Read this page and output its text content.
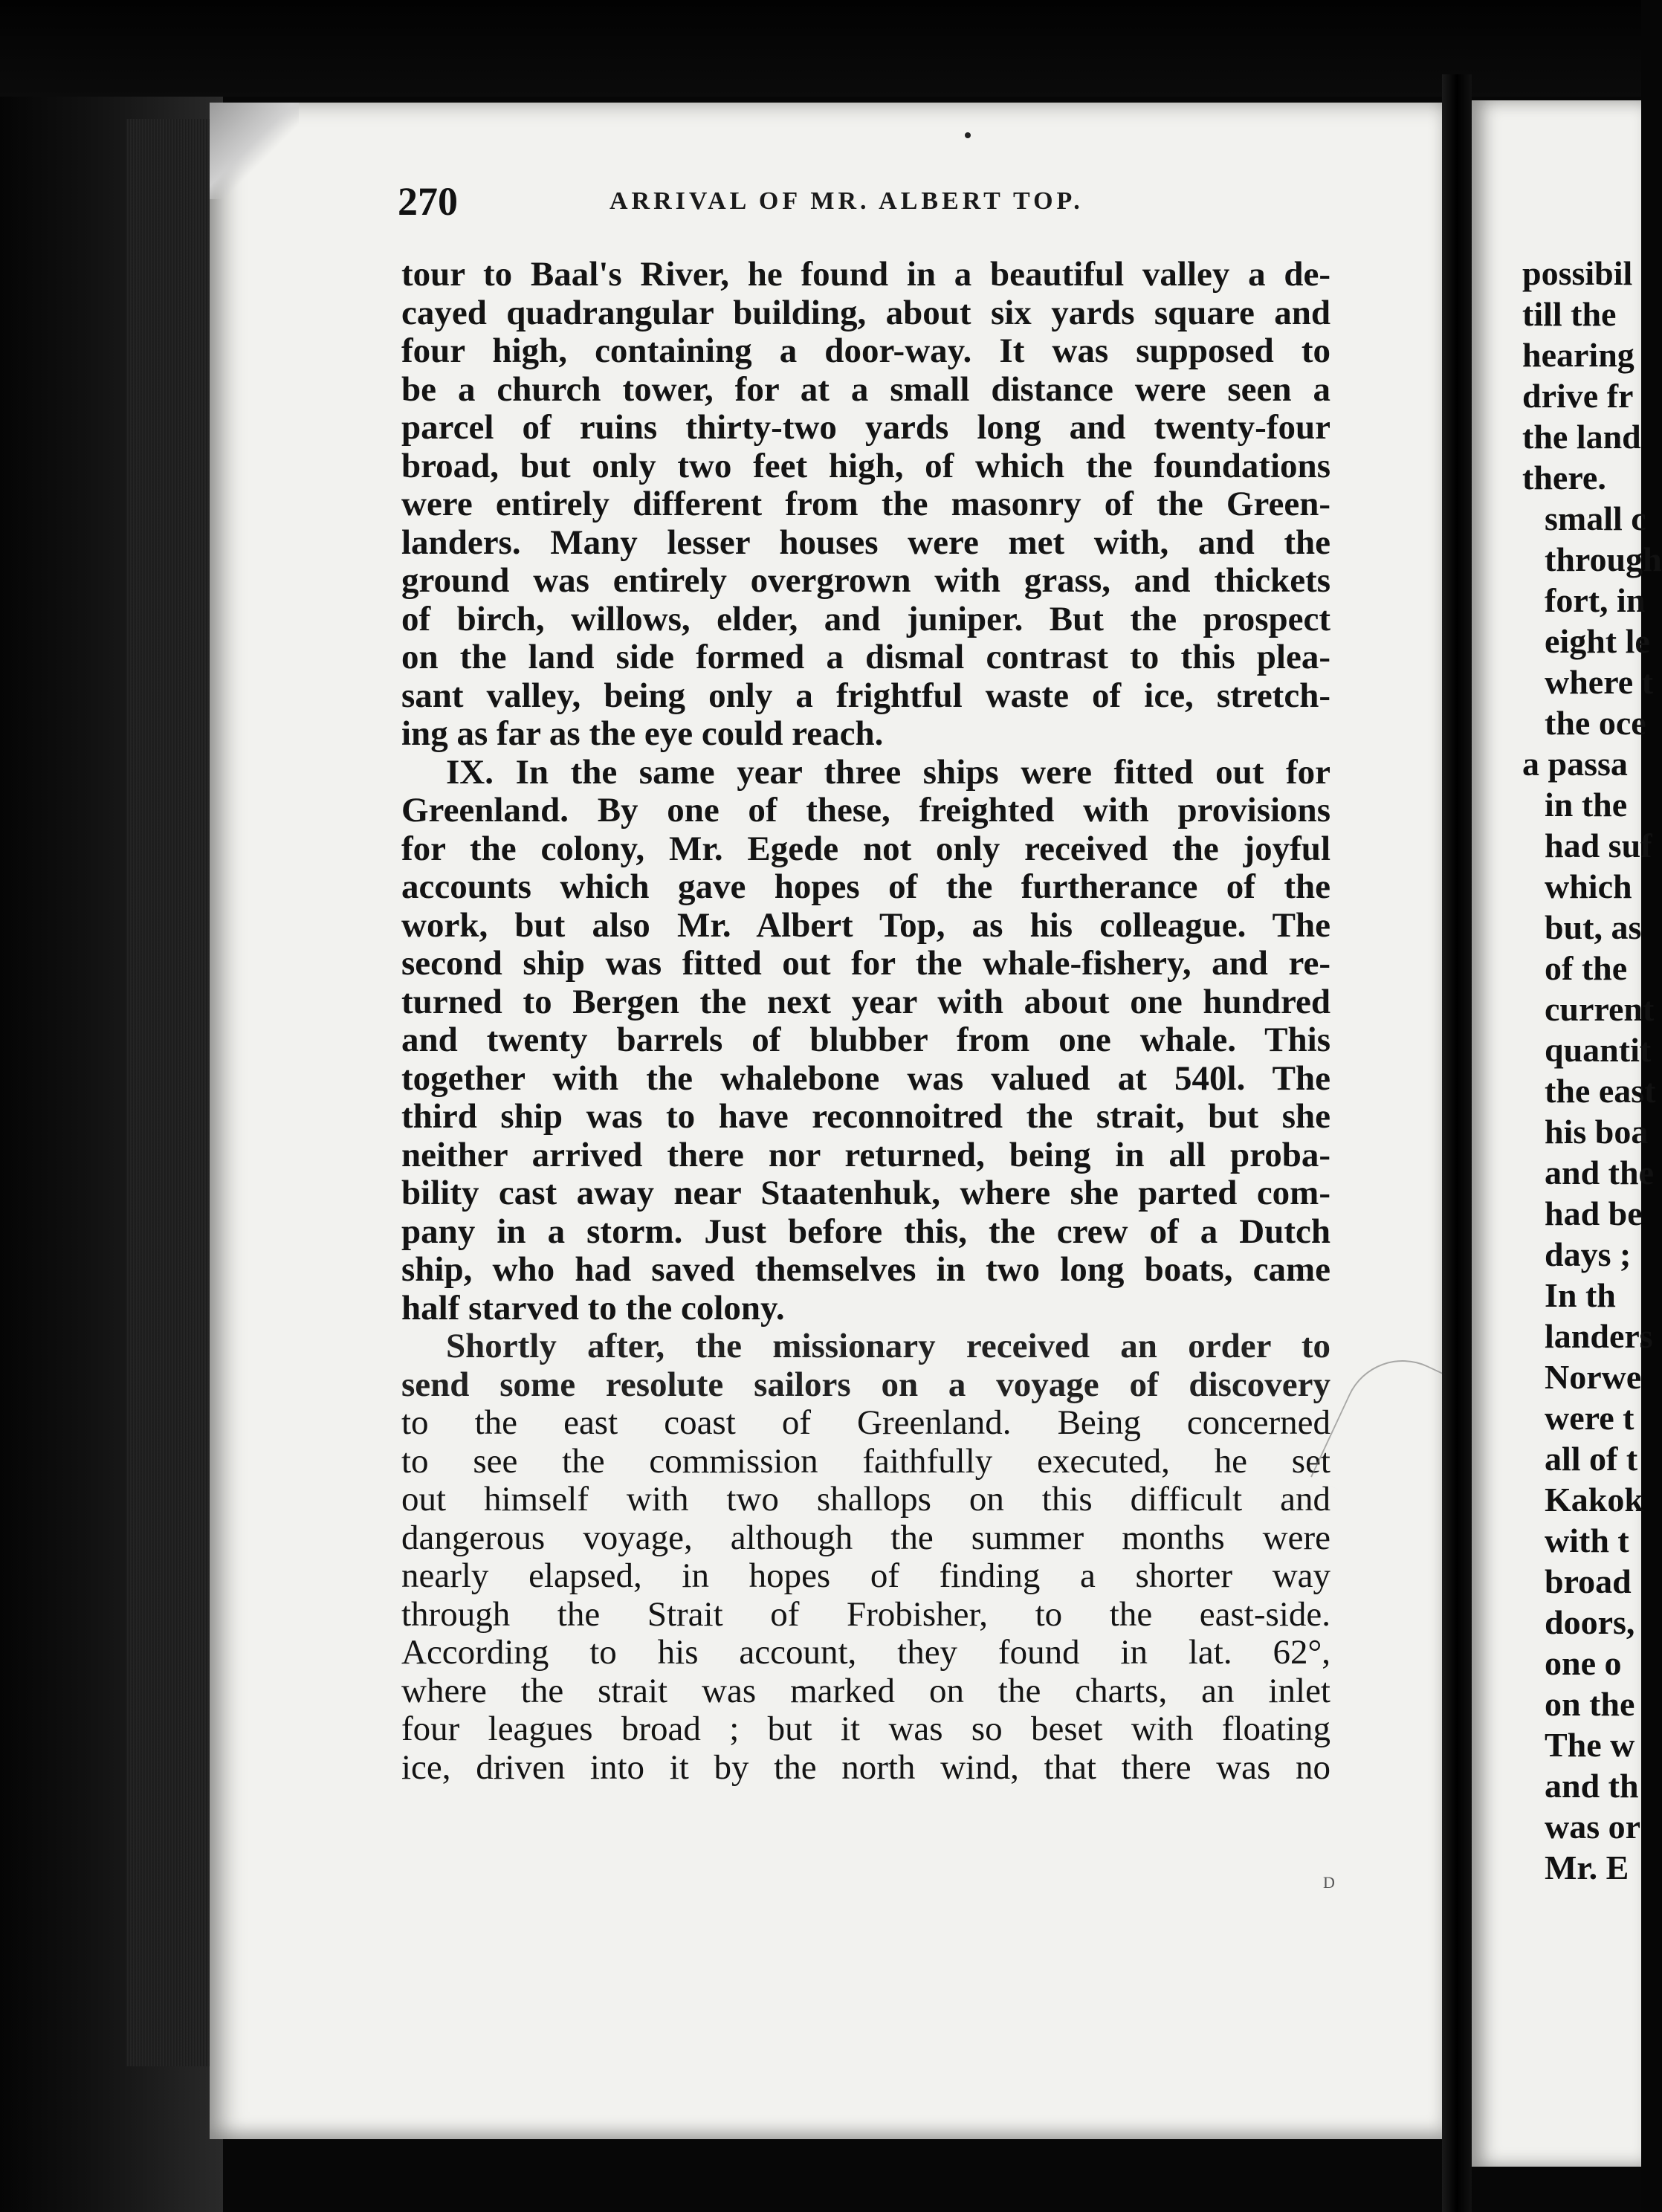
270	ARRIVAL OF MR. ALBERT TOP.
tour to Baal's River, he found in a beautiful valley a de-
cayed quadrangular building, about six yards square and
four high, containing a door-way. It was supposed to
be a church tower, for at a small distance were seen a
parcel of ruins thirty-two yards long and twenty-four
broad, but only two feet high, of which the foundations
were entirely different from the masonry of the Green-
landers. Many lesser houses were met with, and the
ground was entirely overgrown with grass, and thickets
of birch, willows, elder, and juniper. But the prospect
on the land side formed a dismal contrast to this plea-
sant valley, being only a frightful waste of ice, stretch-
ing as far as the eye could reach.
IX. In the same year three ships were fitted out for
Greenland. By one of these, freighted with provisions
for the colony, Mr. Egede not only received the joyful
accounts which gave hopes of the furtherance of the
work, but also Mr. Albert Top, as his colleague. The
second ship was fitted out for the whale-fishery, and re-
turned to Bergen the next year with about one hundred
and twenty barrels of blubber from one whale. This
together with the whalebone was valued at 540l. The
third ship was to have reconnoitred the strait, but she
neither arrived there nor returned, being in all proba-
bility cast away near Staatenhuk, where she parted com-
pany in a storm. Just before this, the crew of a Dutch
ship, who had saved themselves in two long boats, came
half starved to the colony.
Shortly after, the missionary received an order to
send some resolute sailors on a voyage of discovery
to the east coast of Greenland. Being concerned
to see the commission faithfully executed, he set
out himself with two shallops on this difficult and
dangerous voyage, although the summer months were
nearly elapsed, in hopes of finding a shorter way
through the Strait of Frobisher, to the east-side.
According to his account, they found in lat. 62°,
where the strait was marked on the charts, an inlet
four leagues broad ; but it was so beset with floating
ice, driven into it by the north wind, that there was no
D
possibil
till the
hearing
drive fr
the land
there.
small c
through
fort, in
eight le
where t
the oce
a passa
in the
had suf
which
but, as
of the
current
quantit
the east
his boa
and the
had be
days ;
In th
landers
Norwe
were t
all of t
Kakok
with t
broad
doors,
one o
on the
The w
and th
was or
Mr. E
